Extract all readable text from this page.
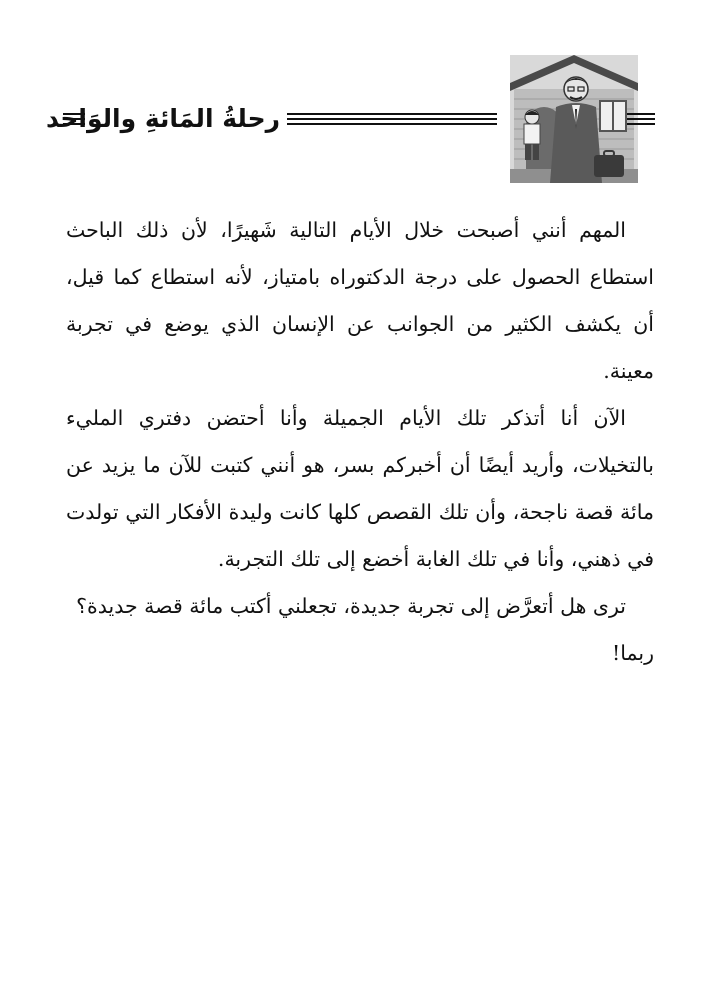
رحلةُ المَائةِ والوَاحد

المهم أنني أصبحت خلال الأيام التالية شَهيرًا، لأن ذلك الباحث استطاع الحصول على درجة الدكتوراه بامتياز، لأنه استطاع كما قيل، أن يكشف الكثير من الجوانب عن الإنسان الذي يوضع في تجربة معينة.

الآن أنا أتذكر تلك الأيام الجميلة وأنا أحتضن دفتري المليء بالتخيلات، وأريد أيضًا أن أخبركم بسر، هو أنني كتبت للآن ما يزيد عن مائة قصة ناجحة، وأن تلك القصص كلها كانت وليدة الأفكار التي تولدت في ذهني، وأنا في تلك الغابة أخضع إلى تلك التجربة.

ترى هل أتعرَّض إلى تجربة جديدة، تجعلني أكتب مائة قصة جديدة؟

ربما!
